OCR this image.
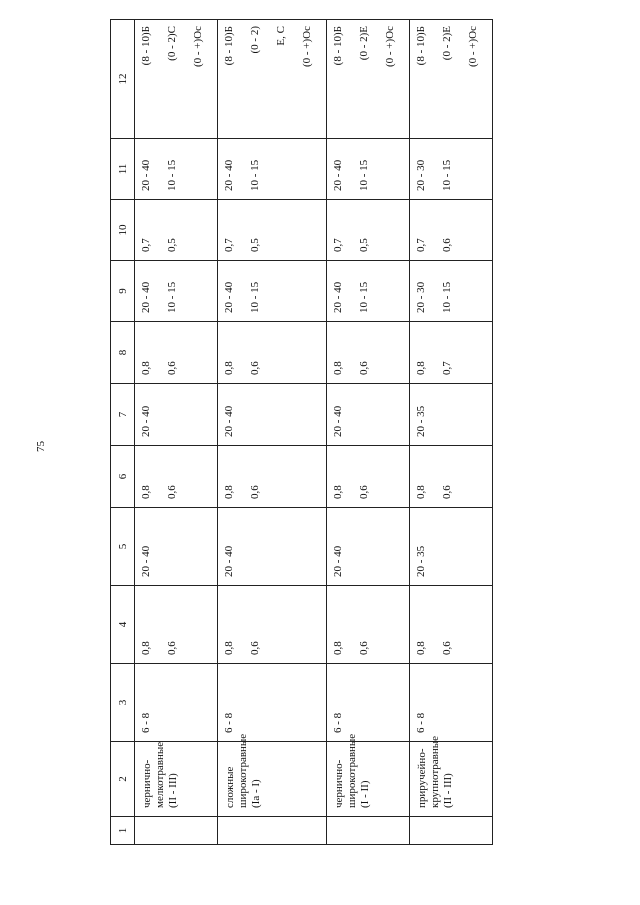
75
1	2	3	4	5	6	7	8	9	10	11	12

	черничнo-мелкотравные (II - III)	6 - 8	0,8 0,6	20 - 40	0,8 0,6	20 - 40	0,8 0,6	20 - 40 10 - 15	0,7 0,5	20 - 40 10 - 15	(8 - 10)Б (0 - 2)С (0 - +)Ос

	сложные широкотравные (Iа - I)	6 - 8	0,8 0,6	20 - 40	0,8 0,6	20 - 40	0,8 0,6	20 - 40 10 - 15	0,7 0,5	20 - 40 10 - 15	(8 - 10)Б (0 - 2) Е, С (0 - +)Ос

	черничнo-широкотравные (I - II)	6 - 8	0,8 0,6	20 - 40	0,8 0,6	20 - 40	0,8 0,6	20 - 40 10 - 15	0,7 0,5	20 - 40 10 - 15	(8 - 10)Б (0 - 2)Е (0 - +)Ос

	приручейно-крупнотравные (II - III)	6 - 8	0,8 0,6	20 - 35	0,8 0,6	20 - 35	0,8 0,7	20 - 30 10 - 15	0,7 0,6	20 - 30 10 - 15	(8 - 10)Б (0 - 2)Е (0 - +)Ос
